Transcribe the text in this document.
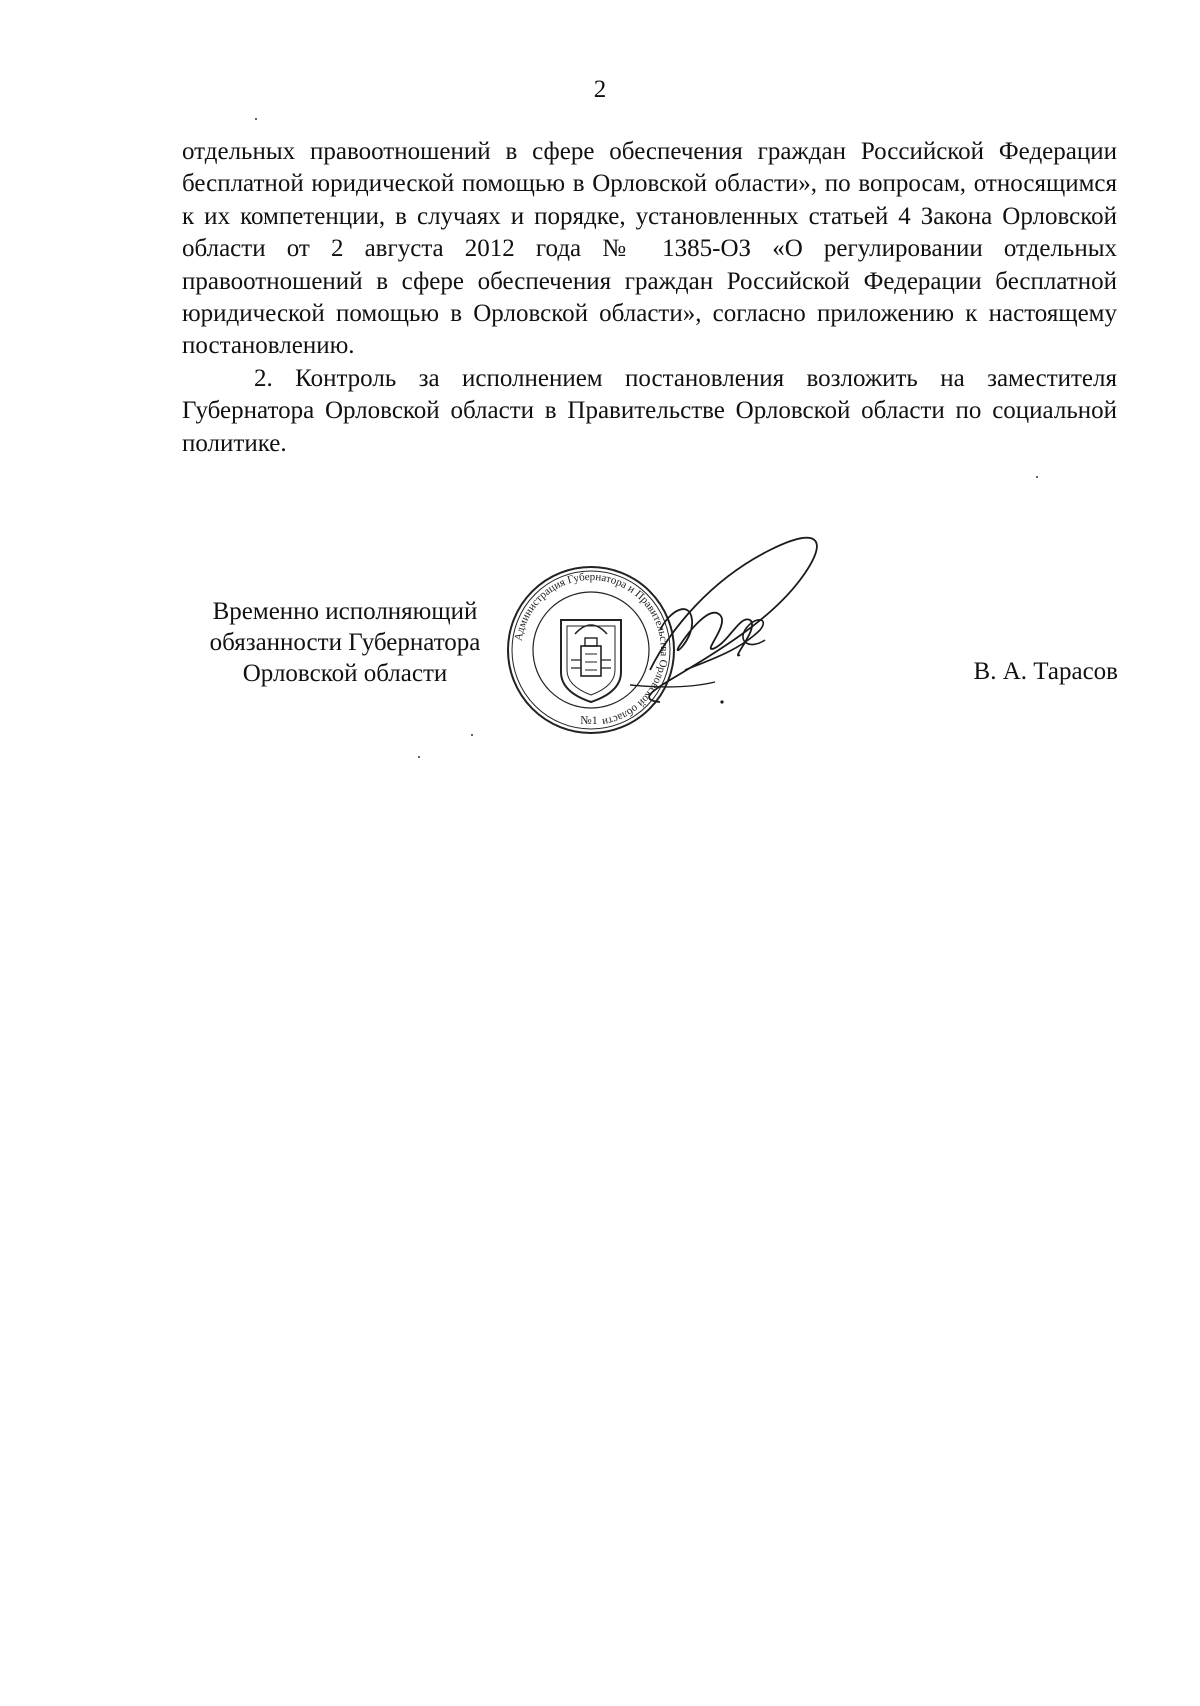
2

отдельных правоотношений в сфере обеспечения граждан Российской Федерации бесплатной юридической помощью в Орловской области», по вопросам, относящимся к их компетенции, в случаях и порядке, установленных статьей 4 Закона Орловской области от 2 августа 2012 года № 1385-ОЗ «О регулировании отдельных правоотношений в сфере обеспечения граждан Российской Федерации бесплатной юридической помощью в Орловской области», согласно приложению к настоящему постановлению.

2. Контроль за исполнением постановления возложить на заместителя Губернатора Орловской области в Правительстве Орловской области по социальной политике.

Временно исполняющий
обязанности Губернатора
Орловской области
Администрация Губернатора и Правительства Орловской области
№1
В. А. Тарасов
